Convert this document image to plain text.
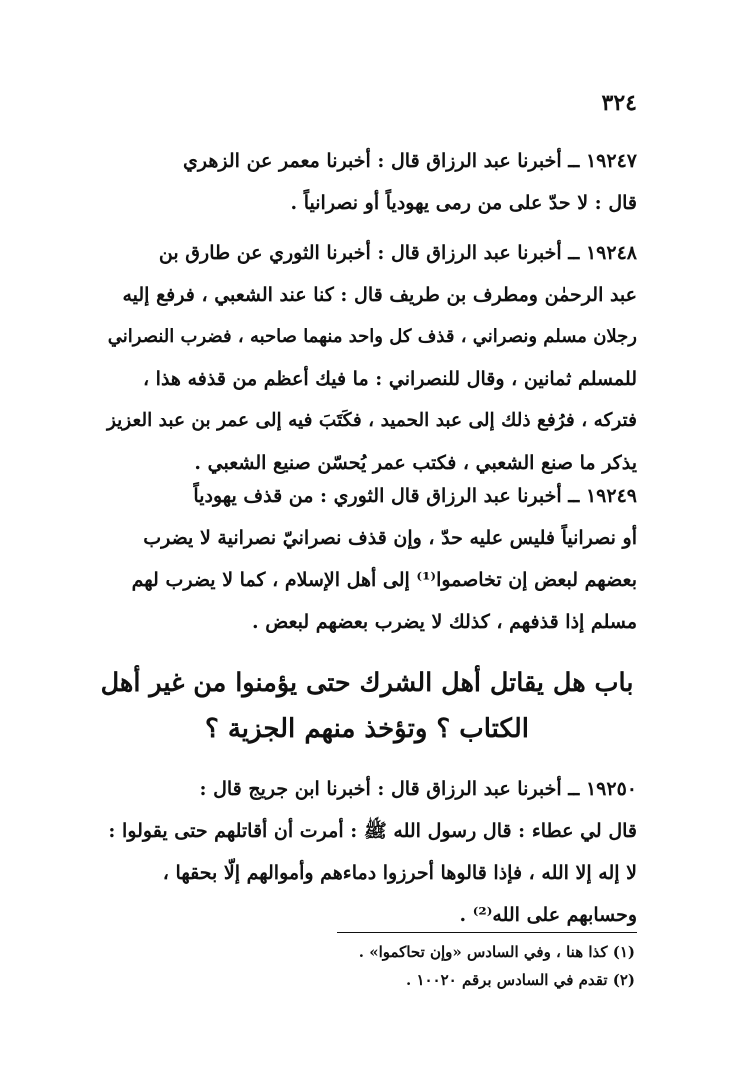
٣٢٤
١٩٢٤٧ ــ أخبرنا عبد الرزاق قال : أخبرنا معمر عن الزهري
قال : لا حدّ على من رمى يهودياً أو نصرانياً .
١٩٢٤٨ ــ أخبرنا عبد الرزاق قال : أخبرنا الثوري عن طارق بن
عبد الرحمٰن ومطرف بن طريف قال : كنا عند الشعبي ، فرفع إليه
رجلان مسلم ونصراني ، قذف كل واحد منهما صاحبه ، فضرب النصراني
للمسلم ثمانين ، وقال للنصراني : ما فيك أعظم من قذفه هذا ،
فتركه ، فرُفع ذلك إلى عبد الحميد ، فكَتَبَ فيه إلى عمر بن عبد العزيز
يذكر ما صنع الشعبي ، فكتب عمر يُحسّن صنيع الشعبي .
١٩٢٤٩ ــ أخبرنا عبد الرزاق قال الثوري : من قذف يهودياً
أو نصرانياً فليس عليه حدّ ، وإن قذف نصرانيّ نصرانية لا يضرب
بعضهم لبعض إن تخاصموا⁽¹⁾ إلى أهل الإسلام ، كما لا يضرب لهم
مسلم إذا قذفهم ، كذلك لا يضرب بعضهم لبعض .
باب هل يقاتل أهل الشرك حتى يؤمنوا من غير أهل
الكتاب ؟ وتؤخذ منهم الجزية ؟
١٩٢٥٠ ــ أخبرنا عبد الرزاق قال : أخبرنا ابن جريج قال :
قال لي عطاء : قال رسول الله ﷺ : أمرت أن أقاتلهم حتى يقولوا :
لا إله إلا الله ، فإذا قالوها أحرزوا دماءهم وأموالهم إلّا بحقها ،
وحسابهم على الله⁽²⁾ .
(١) كذا هنا ، وفي السادس «وإن تحاكموا» .
(٢) تقدم في السادس برقم ١٠٠٢٠ .
